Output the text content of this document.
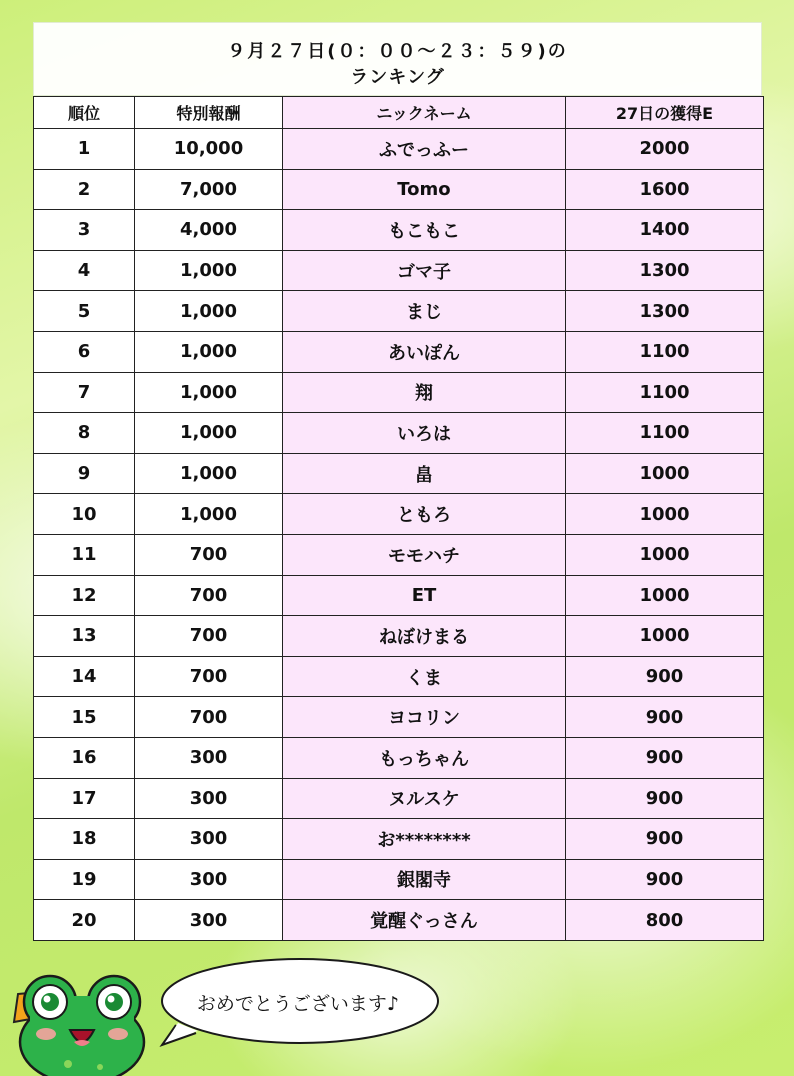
９月２７日(０：００〜２３：５９)の
ランキング
順位	特別報酬	ニックネーム	27日の獲得E
1	10,000	ふでっふー	2000
2	7,000	Tomo	1600
3	4,000	もこもこ	1400
4	1,000	ゴマ子	1300
5	1,000	まじ	1300
6	1,000	あいぽん	1100
7	1,000	翔	1100
8	1,000	いろは	1100
9	1,000	畠	1000
10	1,000	ともろ	1000
11	700	モモハチ	1000
12	700	ET	1000
13	700	ねぼけまる	1000
14	700	くま	900
15	700	ヨコリン	900
16	300	もっちゃん	900
17	300	ヌルスケ	900
18	300	お********	900
19	300	銀閣寺	900
20	300	覚醒ぐっさん	800
おめでとうございます♪
